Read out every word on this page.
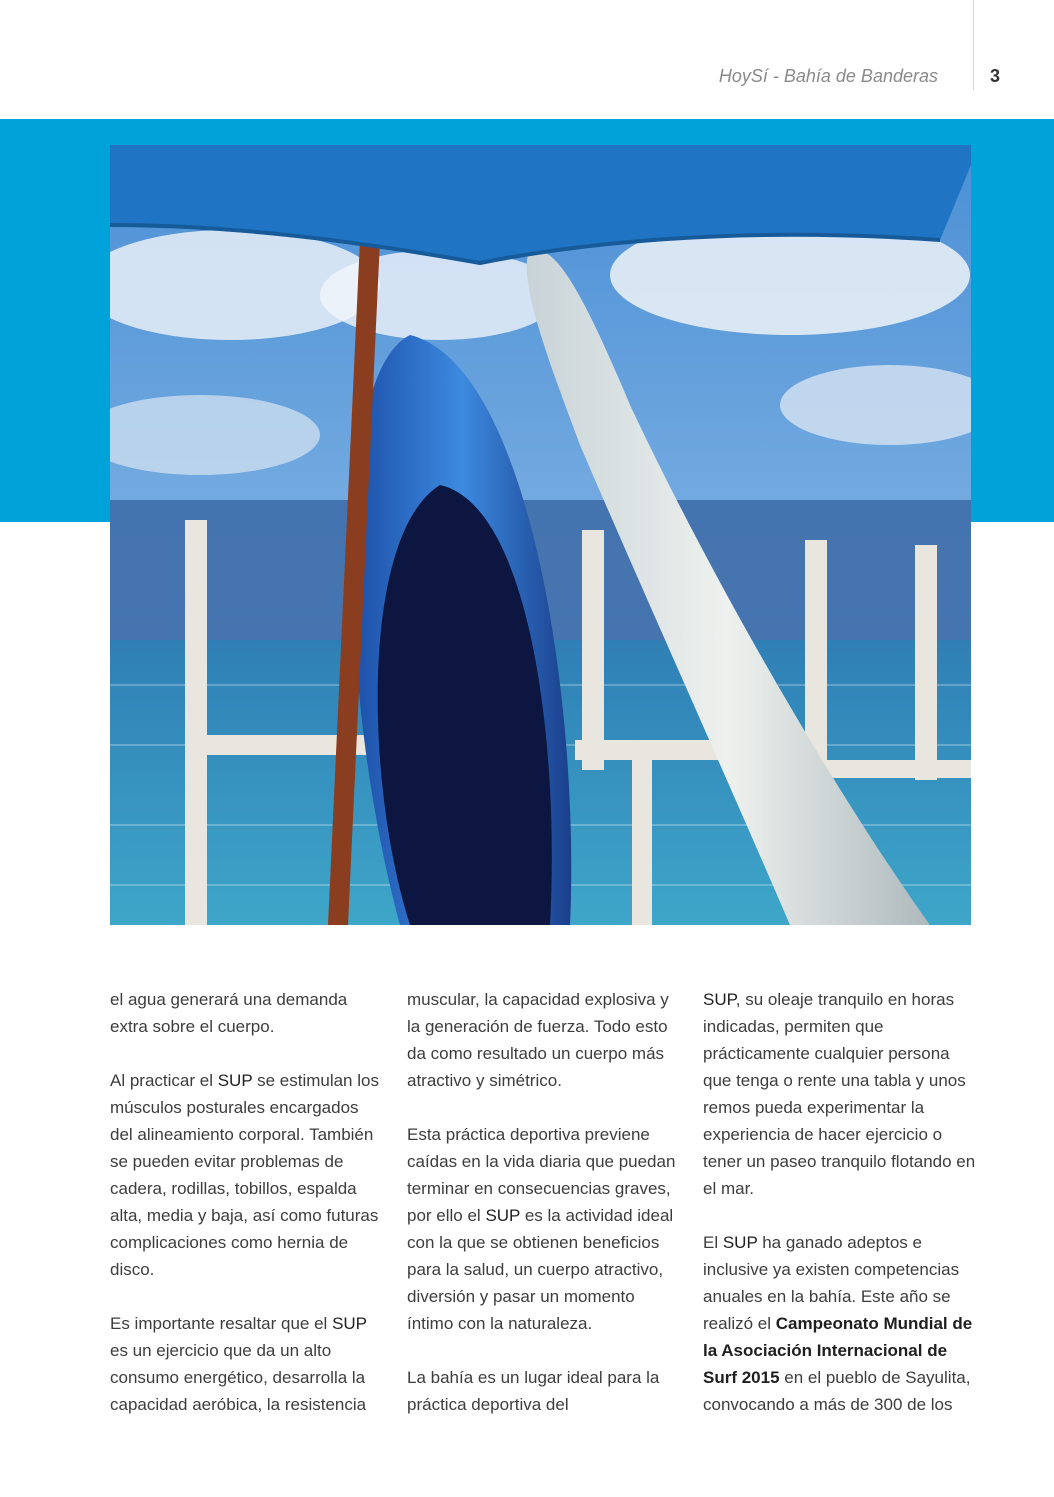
HoySí - Bahía de Banderas	3

el agua generará una demanda extra sobre el cuerpo.

Al practicar el SUP se estimulan los músculos posturales encargados del alineamiento corporal. También se pueden evitar problemas de cadera, rodillas, tobillos, espalda alta, media y baja, así como futuras complicaciones como hernia de disco.

Es importante resaltar que el SUP es un ejercicio que da un alto consumo energético, desarrolla la capacidad aeróbica, la resistencia

muscular, la capacidad explosiva y la generación de fuerza. Todo esto da como resultado un cuerpo más atractivo y simétrico.

Esta práctica deportiva previene caídas en la vida diaria que puedan terminar en consecuencias graves, por ello el SUP es la actividad ideal con la que se obtienen beneficios para la salud, un cuerpo atractivo, diversión y pasar un momento íntimo con la naturaleza.

La bahía es un lugar ideal para la práctica deportiva del

SUP, su oleaje tranquilo en horas indicadas, permiten que prácticamente cualquier persona que tenga o rente una tabla y unos remos pueda experimentar la experiencia de hacer ejercicio o tener un paseo tranquilo flotando en el mar.

El SUP ha ganado adeptos e inclusive ya existen competencias anuales en la bahía. Este año se realizó el Campeonato Mundial de la Asociación Internacional de Surf 2015 en el pueblo de Sayulita, convocando a más de 300 de los
